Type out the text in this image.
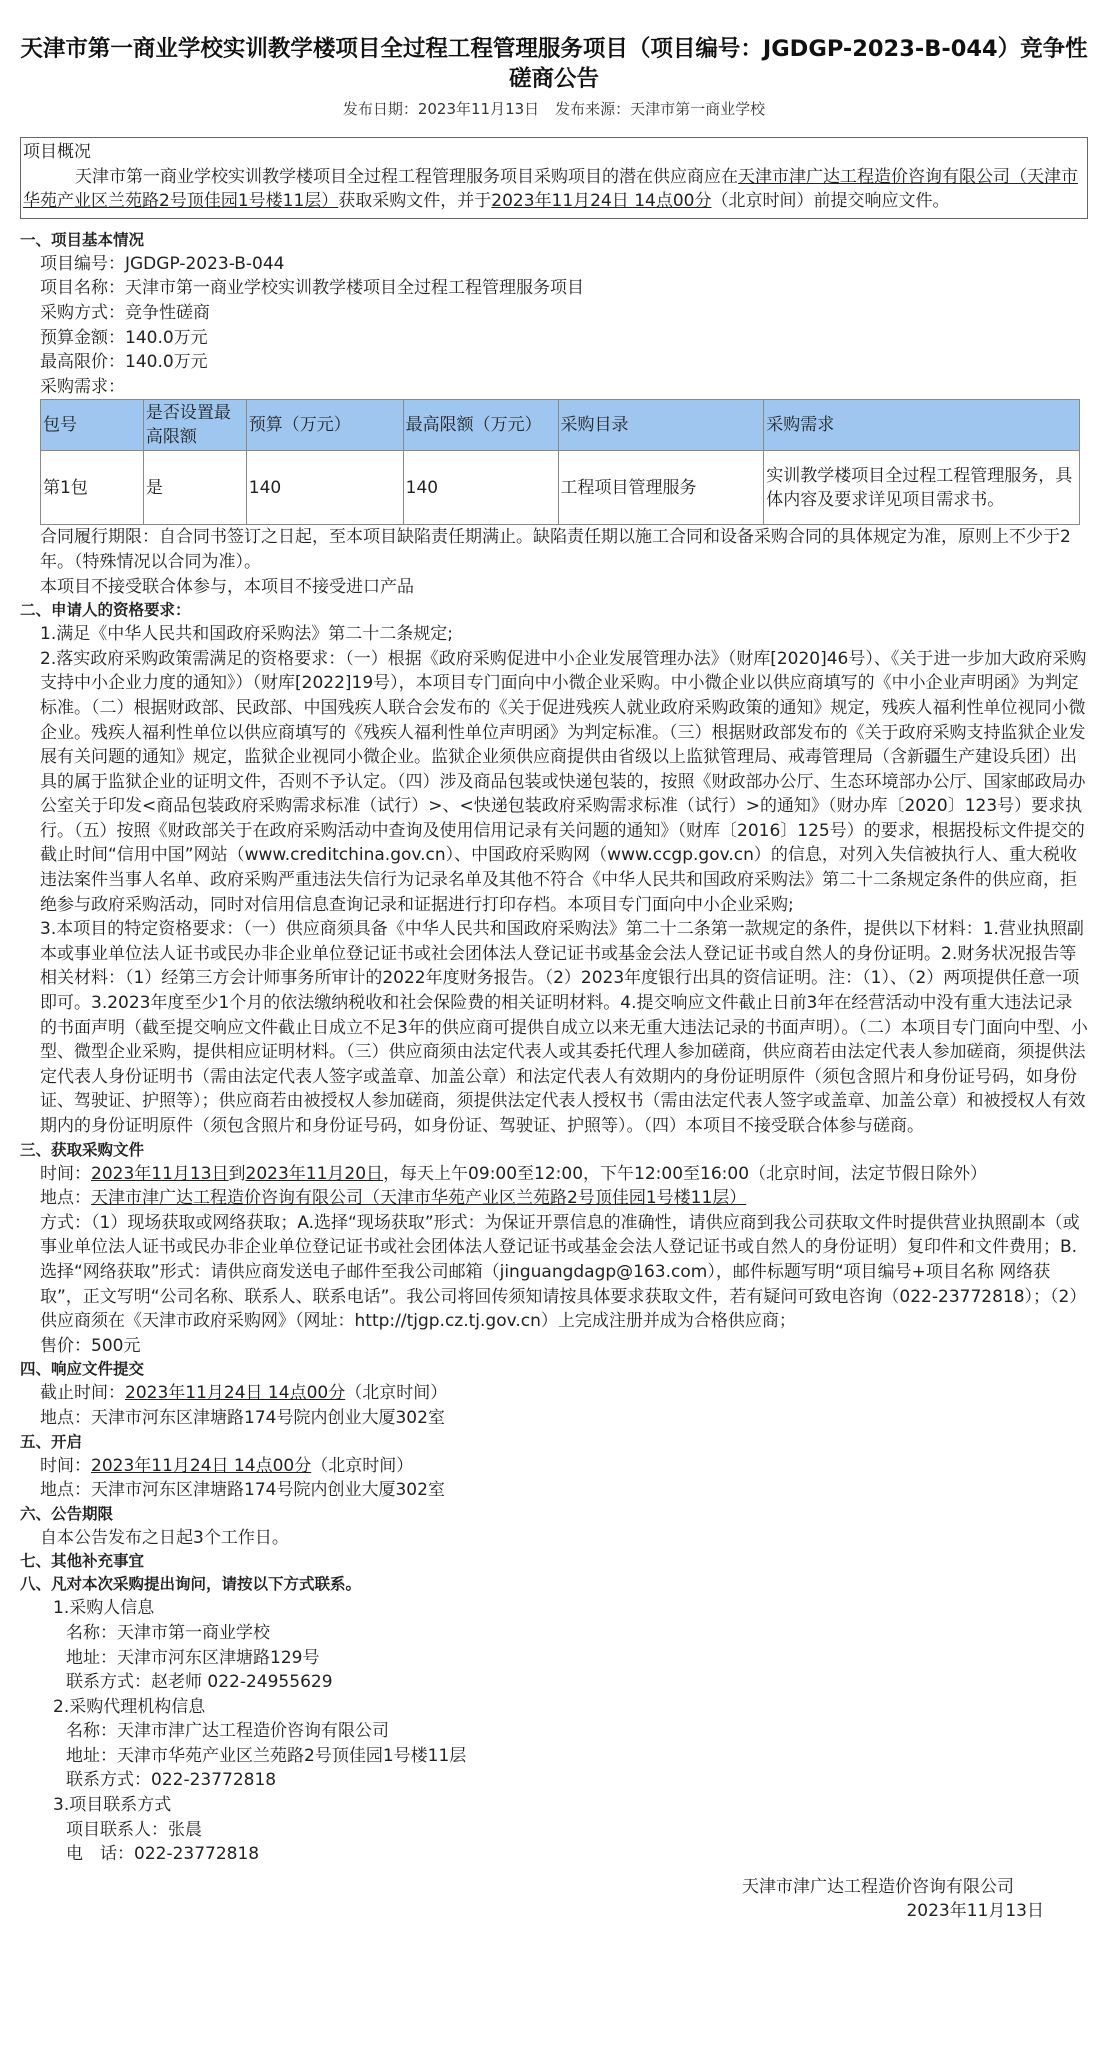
天津市第一商业学校实训教学楼项目全过程工程管理服务项目（项目编号：JGDGP-2023-B-044）竞争性磋商公告
发布日期：2023年11月13日 发布来源：天津市第一商业学校
项目概况

天津市第一商业学校实训教学楼项目全过程工程管理服务项目采购项目的潜在供应商应在天津市津广达工程造价咨询有限公司（天津市华苑产业区兰苑路2号顶佳园1号楼11层）获取采购文件，并于2023年11月24日 14点00分（北京时间）前提交响应文件。

一、项目基本情况
项目编号：JGDGP-2023-B-044
项目名称：天津市第一商业学校实训教学楼项目全过程工程管理服务项目
采购方式：竞争性磋商
预算金额：140.0万元
最高限价：140.0万元
采购需求：
包号	是否设置最高限额	预算（万元）	最高限额（万元）	采购目录	采购需求
第1包	是	140	140	工程项目管理服务	实训教学楼项目全过程工程管理服务，具体内容及要求详见项目需求书。
合同履行期限：自合同书签订之日起，至本项目缺陷责任期满止。缺陷责任期以施工合同和设备采购合同的具体规定为准，原则上不少于2年。（特殊情况以合同为准）。
本项目不接受联合体参与，本项目不接受进口产品
二、申请人的资格要求：
1.满足《中华人民共和国政府采购法》第二十二条规定;
2.落实政府采购政策需满足的资格要求：（一）根据《政府采购促进中小企业发展管理办法》（财库[2020]46号）、《关于进一步加大政府采购支持中小企业力度的通知》）（财库[2022]19号），本项目专门面向中小微企业采购。中小微企业以供应商填写的《中小企业声明函》为判定标准。（二）根据财政部、民政部、中国残疾人联合会发布的《关于促进残疾人就业政府采购政策的通知》规定，残疾人福利性单位视同小微企业。残疾人福利性单位以供应商填写的《残疾人福利性单位声明函》为判定标准。（三）根据财政部发布的《关于政府采购支持监狱企业发展有关问题的通知》规定，监狱企业视同小微企业。监狱企业须供应商提供由省级以上监狱管理局、戒毒管理局（含新疆生产建设兵团）出具的属于监狱企业的证明文件，否则不予认定。（四）涉及商品包装或快递包装的，按照《财政部办公厅、生态环境部办公厅、国家邮政局办公室关于印发<商品包装政府采购需求标准（试行）>、<快递包装政府采购需求标准（试行）>的通知》（财办库〔2020〕123号）要求执行。（五）按照《财政部关于在政府采购活动中查询及使用信用记录有关问题的通知》（财库〔2016〕125号）的要求，根据投标文件提交的截止时间“信用中国”网站（www.creditchina.gov.cn）、中国政府采购网（www.ccgp.gov.cn）的信息，对列入失信被执行人、重大税收违法案件当事人名单、政府采购严重违法失信行为记录名单及其他不符合《中华人民共和国政府采购法》第二十二条规定条件的供应商，拒绝参与政府采购活动，同时对信用信息查询记录和证据进行打印存档。本项目专门面向中小企业采购;
3.本项目的特定资格要求：（一）供应商须具备《中华人民共和国政府采购法》第二十二条第一款规定的条件，提供以下材料：1.营业执照副本或事业单位法人证书或民办非企业单位登记证书或社会团体法人登记证书或基金会法人登记证书或自然人的身份证明。2.财务状况报告等相关材料：（1）经第三方会计师事务所审计的2022年度财务报告。（2）2023年度银行出具的资信证明。注：（1）、（2）两项提供任意一项即可。3.2023年度至少1个月的依法缴纳税收和社会保险费的相关证明材料。4.提交响应文件截止日前3年在经营活动中没有重大违法记录的书面声明（截至提交响应文件截止日成立不足3年的供应商可提供自成立以来无重大违法记录的书面声明）。（二）本项目专门面向中型、小型、微型企业采购，提供相应证明材料。（三）供应商须由法定代表人或其委托代理人参加磋商，供应商若由法定代表人参加磋商，须提供法定代表人身份证明书（需由法定代表人签字或盖章、加盖公章）和法定代表人有效期内的身份证明原件（须包含照片和身份证号码，如身份证、驾驶证、护照等）；供应商若由被授权人参加磋商，须提供法定代表人授权书（需由法定代表人签字或盖章、加盖公章）和被授权人有效期内的身份证明原件（须包含照片和身份证号码，如身份证、驾驶证、护照等）。（四）本项目不接受联合体参与磋商。
三、获取采购文件
时间：2023年11月13日到2023年11月20日，每天上午09:00至12:00，下午12:00至16:00（北京时间，法定节假日除外）
地点：天津市津广达工程造价咨询有限公司（天津市华苑产业区兰苑路2号顶佳园1号楼11层）
方式：（1）现场获取或网络获取；A.选择“现场获取”形式：为保证开票信息的准确性，请供应商到我公司获取文件时提供营业执照副本（或事业单位法人证书或民办非企业单位登记证书或社会团体法人登记证书或基金会法人登记证书或自然人的身份证明）复印件和文件费用；B.选择“网络获取”形式：请供应商发送电子邮件至我公司邮箱（jinguangdagp@163.com），邮件标题写明“项目编号+项目名称 网络获取”，正文写明“公司名称、联系人、联系电话”。我公司将回传须知请按具体要求获取文件，若有疑问可致电咨询（022-23772818）；（2）供应商须在《天津市政府采购网》（网址：http://tjgp.cz.tj.gov.cn）上完成注册并成为合格供应商；
售价：500元
四、响应文件提交
截止时间：2023年11月24日 14点00分（北京时间）
地点：天津市河东区津塘路174号院内创业大厦302室
五、开启
时间：2023年11月24日 14点00分（北京时间）
地点：天津市河东区津塘路174号院内创业大厦302室
六、公告期限
自本公告发布之日起3个工作日。
七、其他补充事宜
八、凡对本次采购提出询问，请按以下方式联系。
1.采购人信息
名称：天津市第一商业学校
地址：天津市河东区津塘路129号
联系方式：赵老师 022-24955629
2.采购代理机构信息
名称：天津市津广达工程造价咨询有限公司
地址：天津市华苑产业区兰苑路2号顶佳园1号楼11层
联系方式：022-23772818
3.项目联系方式
项目联系人：张晨
电　话：022-23772818
天津市津广达工程造价咨询有限公司
2023年11月13日
